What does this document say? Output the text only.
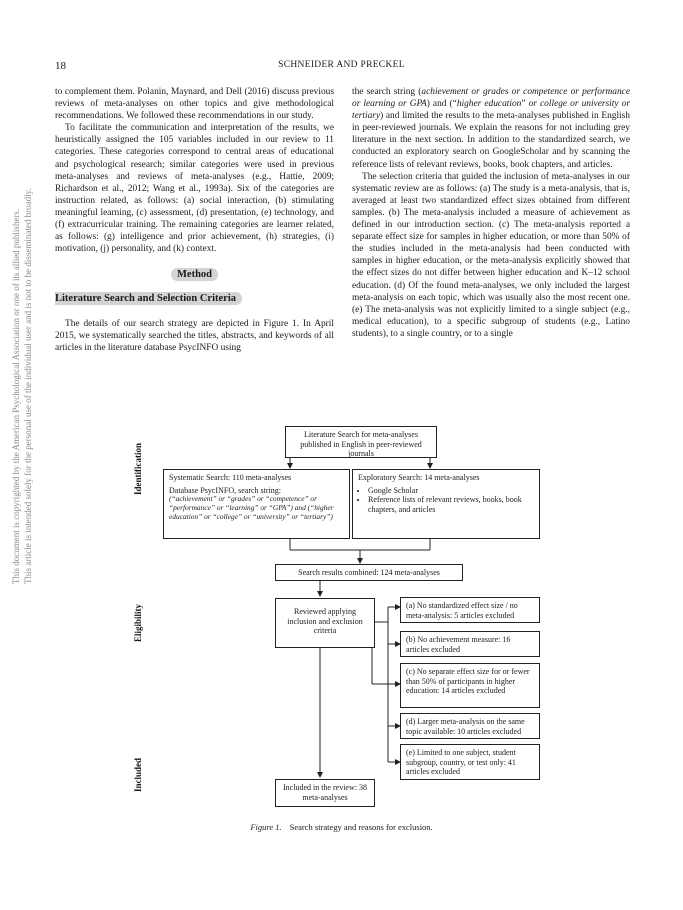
18	SCHNEIDER AND PRECKEL
This document is copyrighted by the American Psychological Association or one of its allied publishers. This article is intended solely for the personal use of the individual user and is not to be disseminated broadly.

to complement them. Polanin, Maynard, and Dell (2016) discuss previous reviews of meta-analyses on other topics and give methodological recommendations. We followed these recommendations in our study.

To facilitate the communication and interpretation of the results, we heuristically assigned the 105 variables included in our review to 11 categories. These categories correspond to central areas of educational and psychological research; similar categories were used in previous meta-analyses and reviews of meta-analyses (e.g., Hattie, 2009; Richardson et al., 2012; Wang et al., 1993a). Six of the categories are instruction related, as follows: (a) social interaction, (b) stimulating meaningful learning, (c) assessment, (d) presentation, (e) technology, and (f) extracurricular training. The remaining categories are learner related, as follows: (g) intelligence and prior achievement, (h) strategies, (i) motivation, (j) personality, and (k) context.

Method
Literature Search and Selection Criteria

The details of our search strategy are depicted in Figure 1. In April 2015, we systematically searched the titles, abstracts, and keywords of all articles in the literature database PsycINFO using

the search string (achievement or grades or competence or performance or learning or GPA) and (“higher education” or college or university or tertiary) and limited the results to the meta-analyses published in English in peer-reviewed journals. We explain the reasons for not including grey literature in the next section. In addition to the standardized search, we conducted an exploratory search on GoogleScholar and by scanning the reference lists of relevant reviews, books, book chapters, and articles.

The selection criteria that guided the inclusion of meta-analyses in our systematic review are as follows: (a) The study is a meta-analysis, that is, averaged at least two standardized effect sizes obtained from different samples. (b) The meta-analysis included a measure of achievement as defined in our introduction section. (c) The meta-analysis reported a separate effect size for samples in higher education, or more than 50% of the studies included in the meta-analysis had been conducted with samples in higher education, or the meta-analysis explicitly showed that the effect sizes do not differ between higher education and K–12 school education. (d) Of the found meta-analyses, we only included the largest meta-analysis on each topic, which was usually also the most recent one. (e) The meta-analysis was not explicitly limited to a single subject (e.g., medical education), to a specific subgroup of students (e.g., Latino students), to a single country, or to a single

Identification
Eligibility
Included
Literature Search for meta-analyses published in English in peer-reviewed journals
Systematic Search: 110 meta-analyses
Database PsycINFO, search string:
(“achievement” or “grades” or “competence” or “performance” or “learning” or “GPA”) and (“higher education” or “college” or “university” or “tertiary”)
Exploratory Search: 14 meta-analyses
• Google Scholar
• Reference lists of relevant reviews, books, book chapters, and articles
Search results combined: 124 meta-analyses
Reviewed applying inclusion and exclusion criteria
(a) No standardized effect size / no meta-analysis: 5 articles excluded
(b) No achievement measure: 16 articles excluded
(c) No separate effect size for or fewer than 50% of participants in higher education: 14 articles excluded
(d) Larger meta-analysis on the same topic available: 10 articles excluded
(e) Limited to one subject, student subgroup, country, or test only: 41 articles excluded
Included in the review: 38 meta-analyses
Figure 1. Search strategy and reasons for exclusion.
